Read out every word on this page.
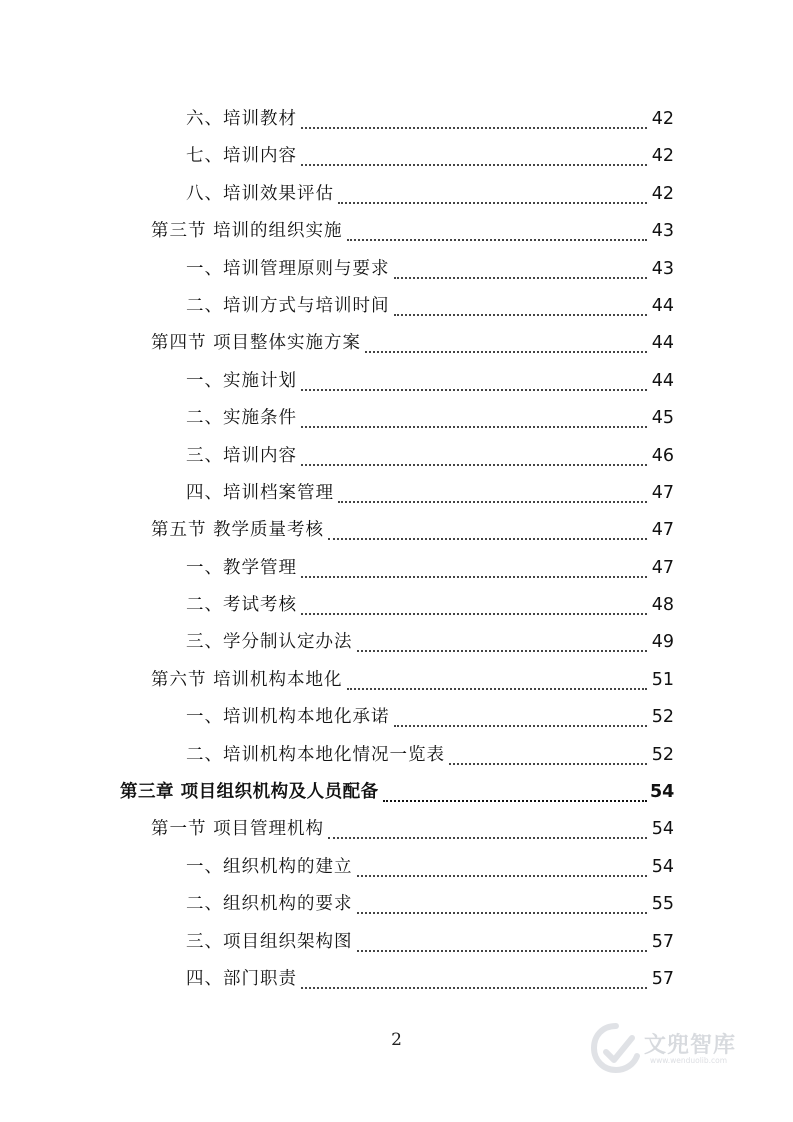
六、培训教材	42
七、培训内容	42
八、培训效果评估	42
第三节 培训的组织实施	43
一、培训管理原则与要求	43
二、培训方式与培训时间	44
第四节 项目整体实施方案	44
一、实施计划	44
二、实施条件	45
三、培训内容	46
四、培训档案管理	47
第五节 教学质量考核	47
一、教学管理	47
二、考试考核	48
三、学分制认定办法	49
第六节 培训机构本地化	51
一、培训机构本地化承诺	52
二、培训机构本地化情况一览表	52
第三章 项目组织机构及人员配备	54
第一节 项目管理机构	54
一、组织机构的建立	54
二、组织机构的要求	55
三、项目组织架构图	57
四、部门职责	57
2	文兜智库
www.wenduolib.com
